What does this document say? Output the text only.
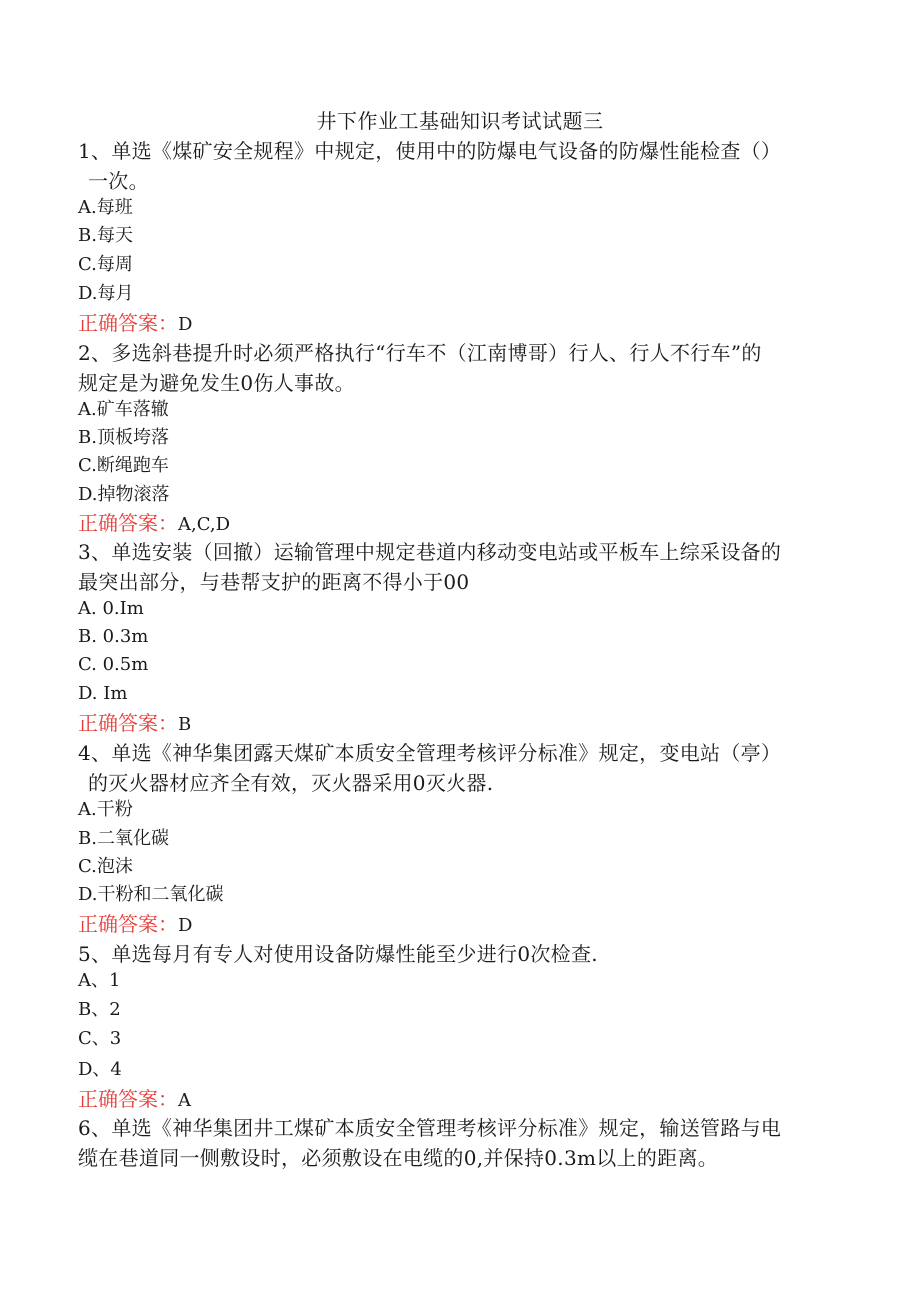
井下作业工基础知识考试试题三
1、单选《煤矿安全规程》中规定，使用中的防爆电气设备的防爆性能检查（）
一次。
A.每班
B.每天
C.每周
D.每月
正确答案：D
2、多选斜巷提升时必须严格执行“行车不（江南博哥）行人、行人不行车”的
规定是为避免发生0伤人事故。
A.矿车落辙
B.顶板垮落
C.断绳跑车
D.掉物滚落
正确答案：A,C,D
3、单选安装（回撤）运输管理中规定巷道内移动变电站或平板车上综采设备的
最突出部分，与巷帮支护的距离不得小于00
A. 0.Im
B. 0.3m
C. 0.5m
D. Im
正确答案：B
4、单选《神华集团露天煤矿本质安全管理考核评分标准》规定，变电站（亭）
的灭火器材应齐全有效，灭火器采用0灭火器.
A.干粉
B.二氧化碳
C.泡沫
D.干粉和二氧化碳
正确答案：D
5、单选每月有专人对使用设备防爆性能至少进行0次检查.
A、1
B、2
C、3
D、4
正确答案：A
6、单选《神华集团井工煤矿本质安全管理考核评分标准》规定，输送管路与电
缆在巷道同一侧敷设时，必须敷设在电缆的0,并保持0.3m以上的距离。
